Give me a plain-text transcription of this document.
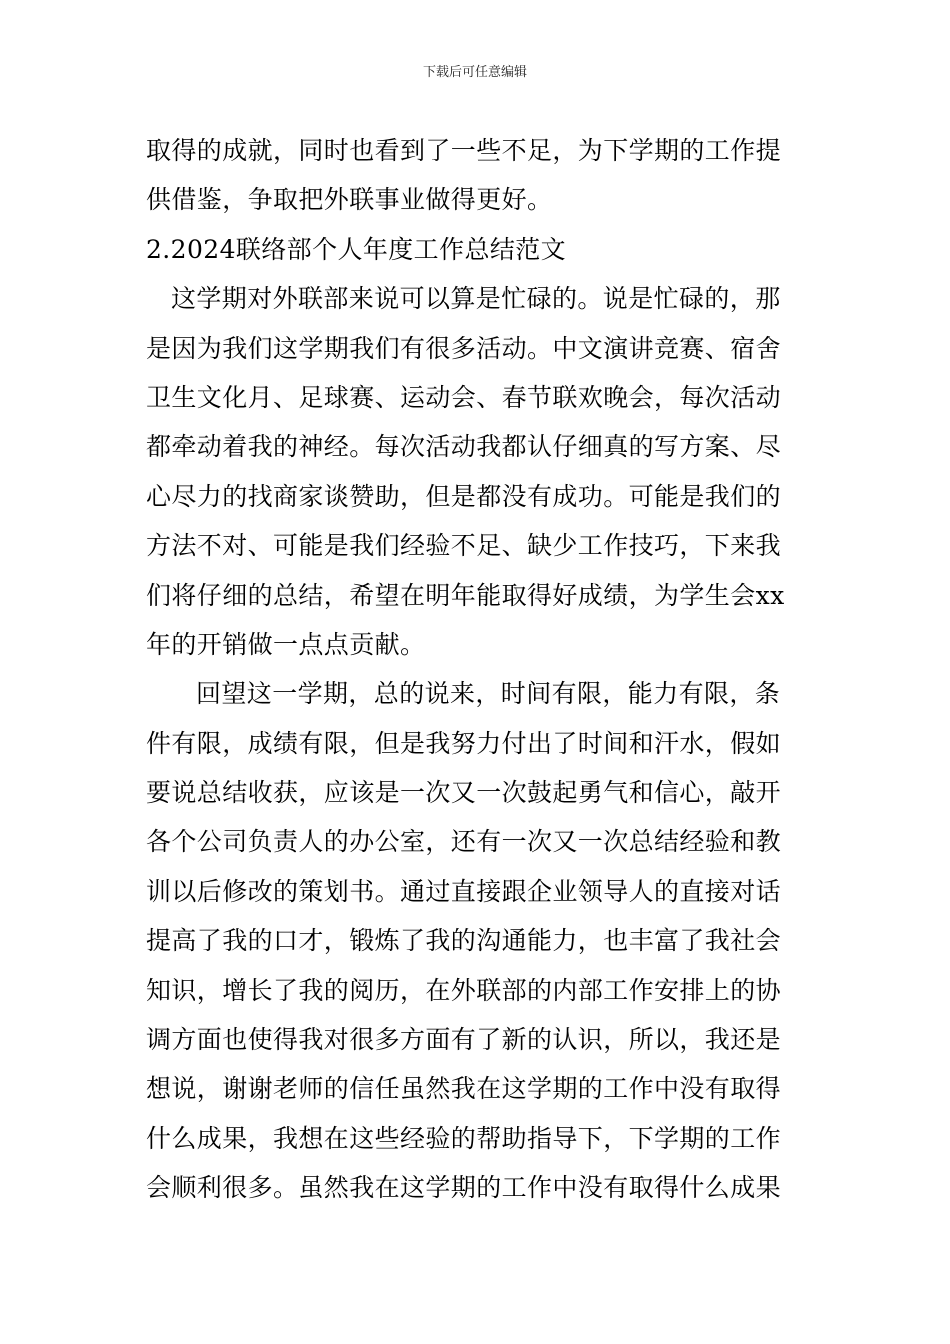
下载后可任意编辑
取得的成就，同时也看到了一些不足，为下学期的工作提
供借鉴，争取把外联事业做得更好。
2.2024联络部个人年度工作总结范文
这学期对外联部来说可以算是忙碌的。说是忙碌的，那
是因为我们这学期我们有很多活动。中文演讲竞赛、宿舍
卫生文化月、足球赛、运动会、春节联欢晚会，每次活动
都牵动着我的神经。每次活动我都认仔细真的写方案、尽
心尽力的找商家谈赞助，但是都没有成功。可能是我们的
方法不对、可能是我们经验不足、缺少工作技巧，下来我
们将仔细的总结，希望在明年能取得好成绩，为学生会xx
年的开销做一点点贡献。
回望这一学期，总的说来，时间有限，能力有限，条
件有限，成绩有限，但是我努力付出了时间和汗水，假如
要说总结收获，应该是一次又一次鼓起勇气和信心，敲开
各个公司负责人的办公室，还有一次又一次总结经验和教
训以后修改的策划书。通过直接跟企业领导人的直接对话
提高了我的口才，锻炼了我的沟通能力，也丰富了我社会
知识，增长了我的阅历，在外联部的内部工作安排上的协
调方面也使得我对很多方面有了新的认识，所以，我还是
想说，谢谢老师的信任虽然我在这学期的工作中没有取得
什么成果，我想在这些经验的帮助指导下，下学期的工作
会顺利很多。虽然我在这学期的工作中没有取得什么成果
